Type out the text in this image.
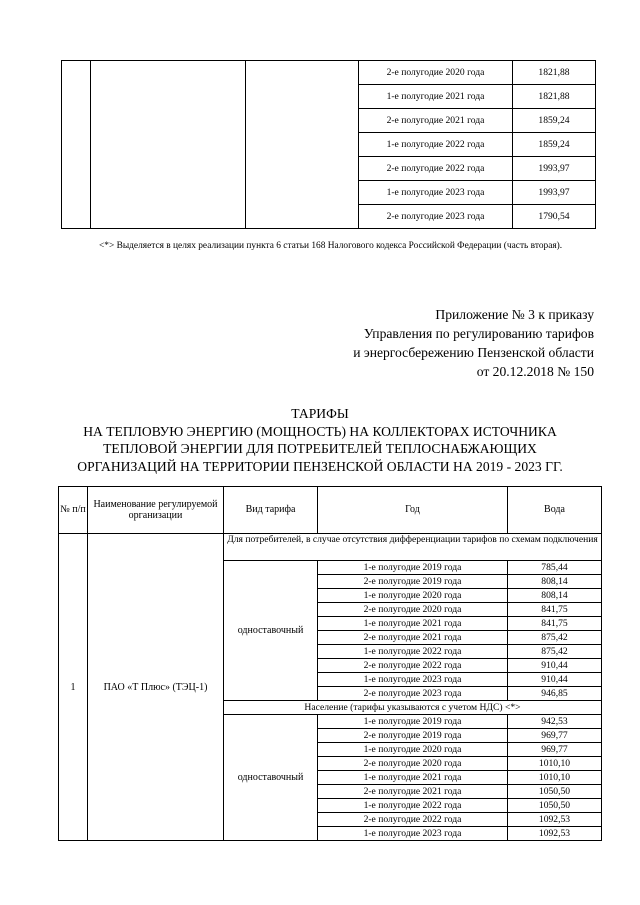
			2-е полугодие 2020 года	1821,88
			1-е полугодие 2021 года	1821,88
			2-е полугодие 2021 года	1859,24
			1-е полугодие 2022 года	1859,24
			2-е полугодие 2022 года	1993,97
			1-е полугодие 2023 года	1993,97
			2-е полугодие 2023 года	1790,54
<*> Выделяется в целях реализации пункта 6 статьи 168 Налогового кодекса Российской Федерации (часть вторая).
Приложение № 3 к приказу
Управления по регулированию тарифов
и энергосбережению Пензенской области
от 20.12.2018 № 150
ТАРИФЫ
НА ТЕПЛОВУЮ ЭНЕРГИЮ (МОЩНОСТЬ) НА КОЛЛЕКТОРАХ ИСТОЧНИКА
ТЕПЛОВОЙ ЭНЕРГИИ ДЛЯ ПОТРЕБИТЕЛЕЙ ТЕПЛОСНАБЖАЮЩИХ
ОРГАНИЗАЦИЙ НА ТЕРРИТОРИИ ПЕНЗЕНСКОЙ ОБЛАСТИ НА 2019 - 2023 ГГ.
№ п/п	Наименование регулируемой организации	Вид тарифа	Год	Вода
1	ПАО «Т Плюс» (ТЭЦ-1)	Для потребителей, в случае отсутствия дифференциации тарифов по схемам подключения		
		одноставочный	1-е полугодие 2019 года	785,44
			2-е полугодие 2019 года	808,14
			1-е полугодие 2020 года	808,14
			2-е полугодие 2020 года	841,75
			1-е полугодие 2021 года	841,75
			2-е полугодие 2021 года	875,42
			1-е полугодие 2022 года	875,42
			2-е полугодие 2022 года	910,44
			1-е полугодие 2023 года	910,44
			2-е полугодие 2023 года	946,85
		Население (тарифы указываются с учетом НДС) <*>		
		одноставочный	1-е полугодие 2019 года	942,53
			2-е полугодие 2019 года	969,77
			1-е полугодие 2020 года	969,77
			2-е полугодие 2020 года	1010,10
			1-е полугодие 2021 года	1010,10
			2-е полугодие 2021 года	1050,50
			1-е полугодие 2022 года	1050,50
			2-е полугодие 2022 года	1092,53
			1-е полугодие 2023 года	1092,53
